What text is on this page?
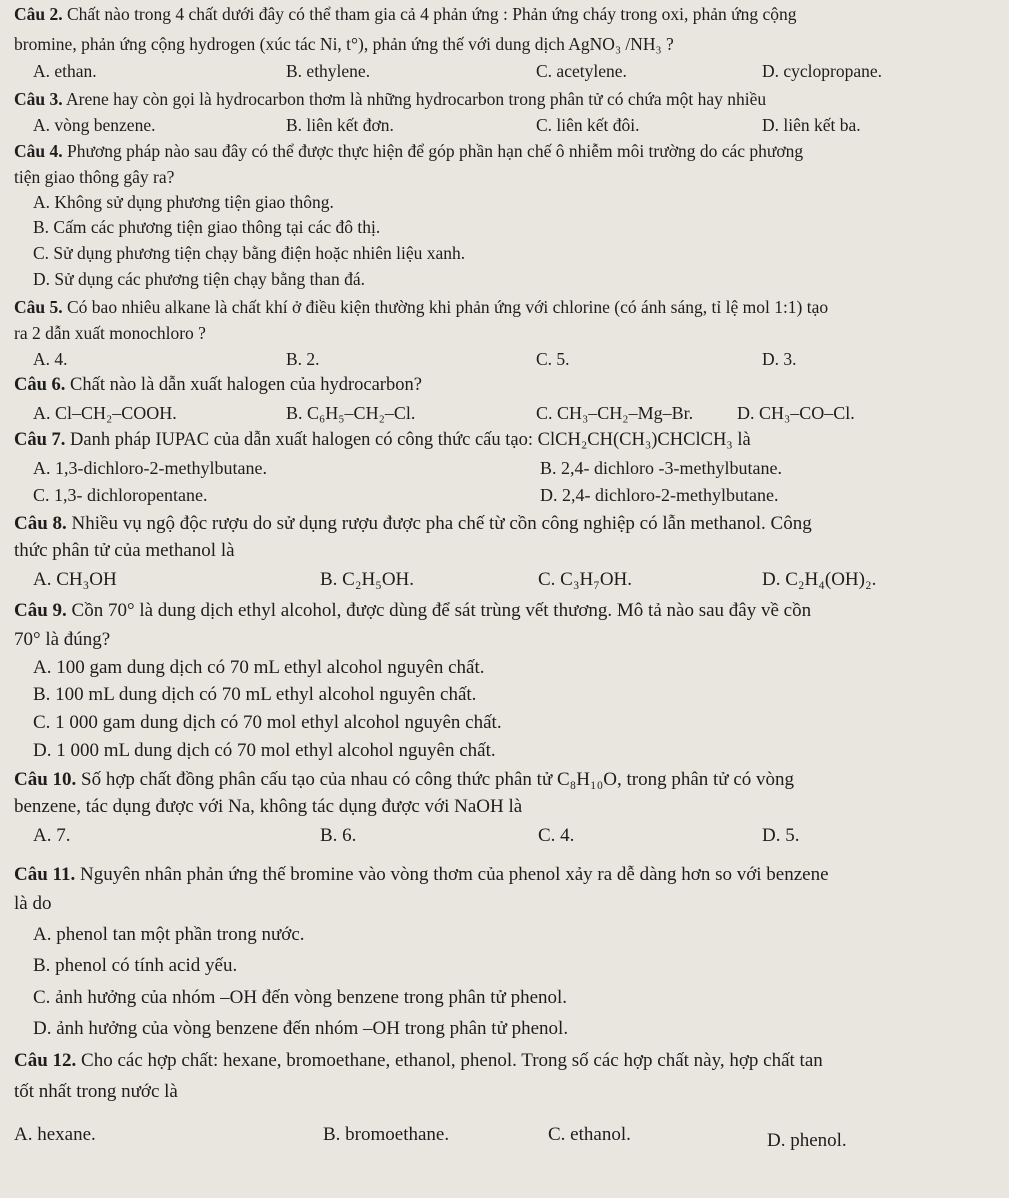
Câu 2. Chất nào trong 4 chất dưới đây có thể tham gia cả 4 phản ứng : Phản ứng cháy trong oxi, phản ứng cộng
bromine, phản ứng cộng hydrogen (xúc tác Ni, t°), phản ứng thế với dung dịch AgNO₃ /NH₃ ?
A. ethan.	B. ethylene.	C. acetylene.	D. cyclopropane.
Câu 3. Arene hay còn gọi là hydrocarbon thơm là những hydrocarbon trong phân tử có chứa một hay nhiều
A. vòng benzene.	B. liên kết đơn.	C. liên kết đôi.	D. liên kết ba.
Câu 4. Phương pháp nào sau đây có thể được thực hiện để góp phần hạn chế ô nhiễm môi trường do các phương
tiện giao thông gây ra?
A. Không sử dụng phương tiện giao thông.
B. Cấm các phương tiện giao thông tại các đô thị.
C. Sử dụng phương tiện chạy bằng điện hoặc nhiên liệu xanh.
D. Sử dụng các phương tiện chạy bằng than đá.
Câu 5. Có bao nhiêu alkane là chất khí ở điều kiện thường khi phản ứng với chlorine (có ánh sáng, tỉ lệ mol 1:1) tạo
ra 2 dẫn xuất monochloro ?
A. 4.	B. 2.	C. 5.	D. 3.
Câu 6. Chất nào là dẫn xuất halogen của hydrocarbon?
A. Cl–CH₂–COOH.	B. C₆H₅–CH₂–Cl.	C. CH₃–CH₂–Mg–Br. D. CH₃–CO–Cl.
Câu 7. Danh pháp IUPAC của dẫn xuất halogen có công thức cấu tạo: ClCH₂CH(CH₃)CHClCH₃ là
A. 1,3-dichloro-2-methylbutane.	B. 2,4- dichloro -3-methylbutane.
C. 1,3- dichloropentane.	D. 2,4- dichloro-2-methylbutane.
Câu 8. Nhiều vụ ngộ độc rượu do sử dụng rượu được pha chế từ cồn công nghiệp có lẫn methanol. Công
thức phân tử của methanol là
A. CH₃OH	B. C₂H₅OH.	C. C₃H₇OH.	D. C₂H₄(OH)₂.
Câu 9. Cồn 70° là dung dịch ethyl alcohol, được dùng để sát trùng vết thương. Mô tả nào sau đây về cồn
70° là đúng?
A. 100 gam dung dịch có 70 mL ethyl alcohol nguyên chất.
B. 100 mL dung dịch có 70 mL ethyl alcohol nguyên chất.
C. 1 000 gam dung dịch có 70 mol ethyl alcohol nguyên chất.
D. 1 000 mL dung dịch có 70 mol ethyl alcohol nguyên chất.
Câu 10. Số hợp chất đồng phân cấu tạo của nhau có công thức phân tử C₈H₁₀O, trong phân tử có vòng
benzene, tác dụng được với Na, không tác dụng được với NaOH là
A. 7.	B. 6.	C. 4.	D. 5.
Câu 11. Nguyên nhân phản ứng thế bromine vào vòng thơm của phenol xảy ra dễ dàng hơn so với benzene
là do
A. phenol tan một phần trong nước.
B. phenol có tính acid yếu.
C. ảnh hưởng của nhóm –OH đến vòng benzene trong phân tử phenol.
D. ảnh hưởng của vòng benzene đến nhóm –OH trong phân tử phenol.
Câu 12. Cho các hợp chất: hexane, bromoethane, ethanol, phenol. Trong số các hợp chất này, hợp chất tan
tốt nhất trong nước là
A. hexane.	B. bromoethane.	C. ethanol.	D. phenol.
